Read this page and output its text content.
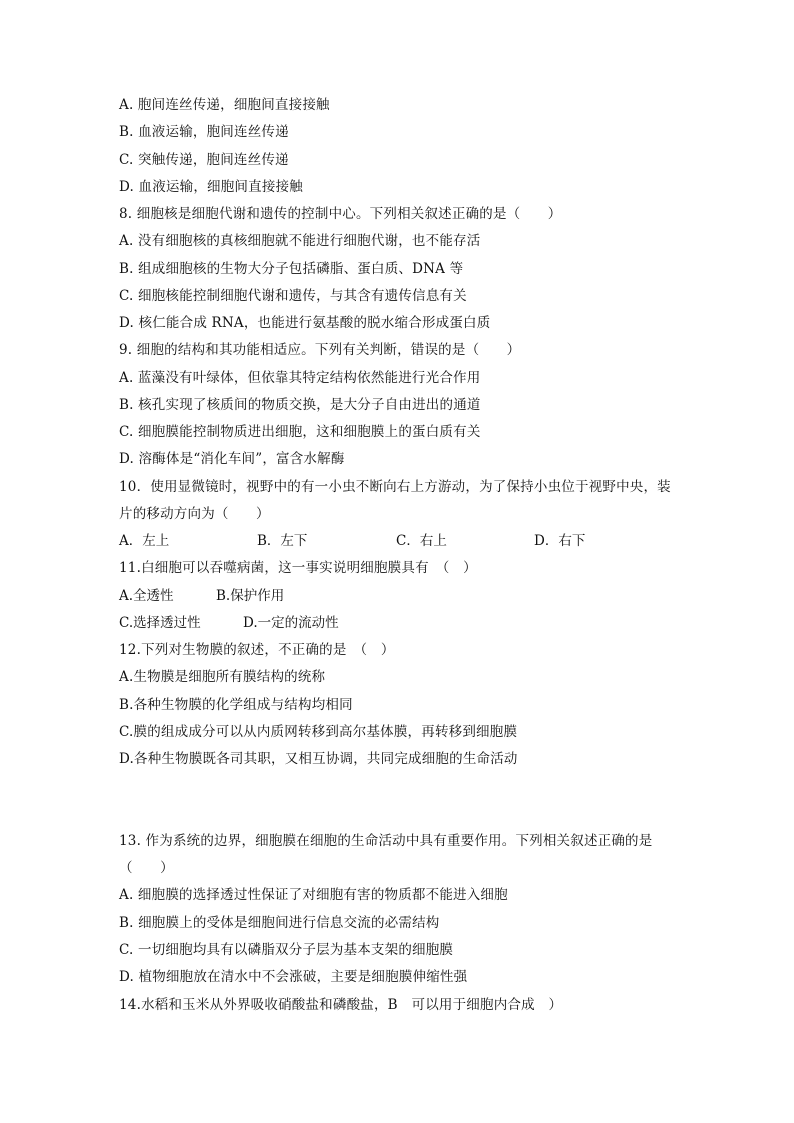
A. 胞间连丝传递，细胞间直接接触
B. 血液运输，胞间连丝传递
C. 突触传递，胞间连丝传递
D. 血液运输，细胞间直接接触
8. 细胞核是细胞代谢和遗传的控制中心。下列相关叙述正确的是（　　）
A. 没有细胞核的真核细胞就不能进行细胞代谢，也不能存活
B. 组成细胞核的生物大分子包括磷脂、蛋白质、DNA 等
C. 细胞核能控制细胞代谢和遗传，与其含有遗传信息有关
D. 核仁能合成 RNA，也能进行氨基酸的脱水缩合形成蛋白质
9. 细胞的结构和其功能相适应。下列有关判断，错误的是（　　）
A. 蓝藻没有叶绿体，但依靠其特定结构依然能进行光合作用
B. 核孔实现了核质间的物质交换，是大分子自由进出的通道
C. 细胞膜能控制物质进出细胞，这和细胞膜上的蛋白质有关
D. 溶酶体是“消化车间”，富含水解酶
10．使用显微镜时，视野中的有一小虫不断向右上方游动，为了保持小虫位于视野中央，装
片的移动方向为（　　）
A．左上	B．左下	C．右上	D．右下
11.白细胞可以吞噬病菌，这一事实说明细胞膜具有　（　）
A.全透性	B.保护作用
C.选择透过性	D.一定的流动性
12.下列对生物膜的叙述，不正确的是　（　）
A.生物膜是细胞所有膜结构的统称
B.各种生物膜的化学组成与结构均相同
C.膜的组成成分可以从内质网转移到高尔基体膜，再转移到细胞膜
D.各种生物膜既各司其职，又相互协调，共同完成细胞的生命活动
13. 作为系统的边界，细胞膜在细胞的生命活动中具有重要作用。下列相关叙述正确的是
（　　）
A. 细胞膜的选择透过性保证了对细胞有害的物质都不能进入细胞
B. 细胞膜上的受体是细胞间进行信息交流的必需结构
C. 一切细胞均具有以磷脂双分子层为基本支架的细胞膜
D. 植物细胞放在清水中不会涨破，主要是细胞膜伸缩性强
14.水稻和玉米从外界吸收硝酸盐和磷酸盐，B　可以用于细胞内合成　）
